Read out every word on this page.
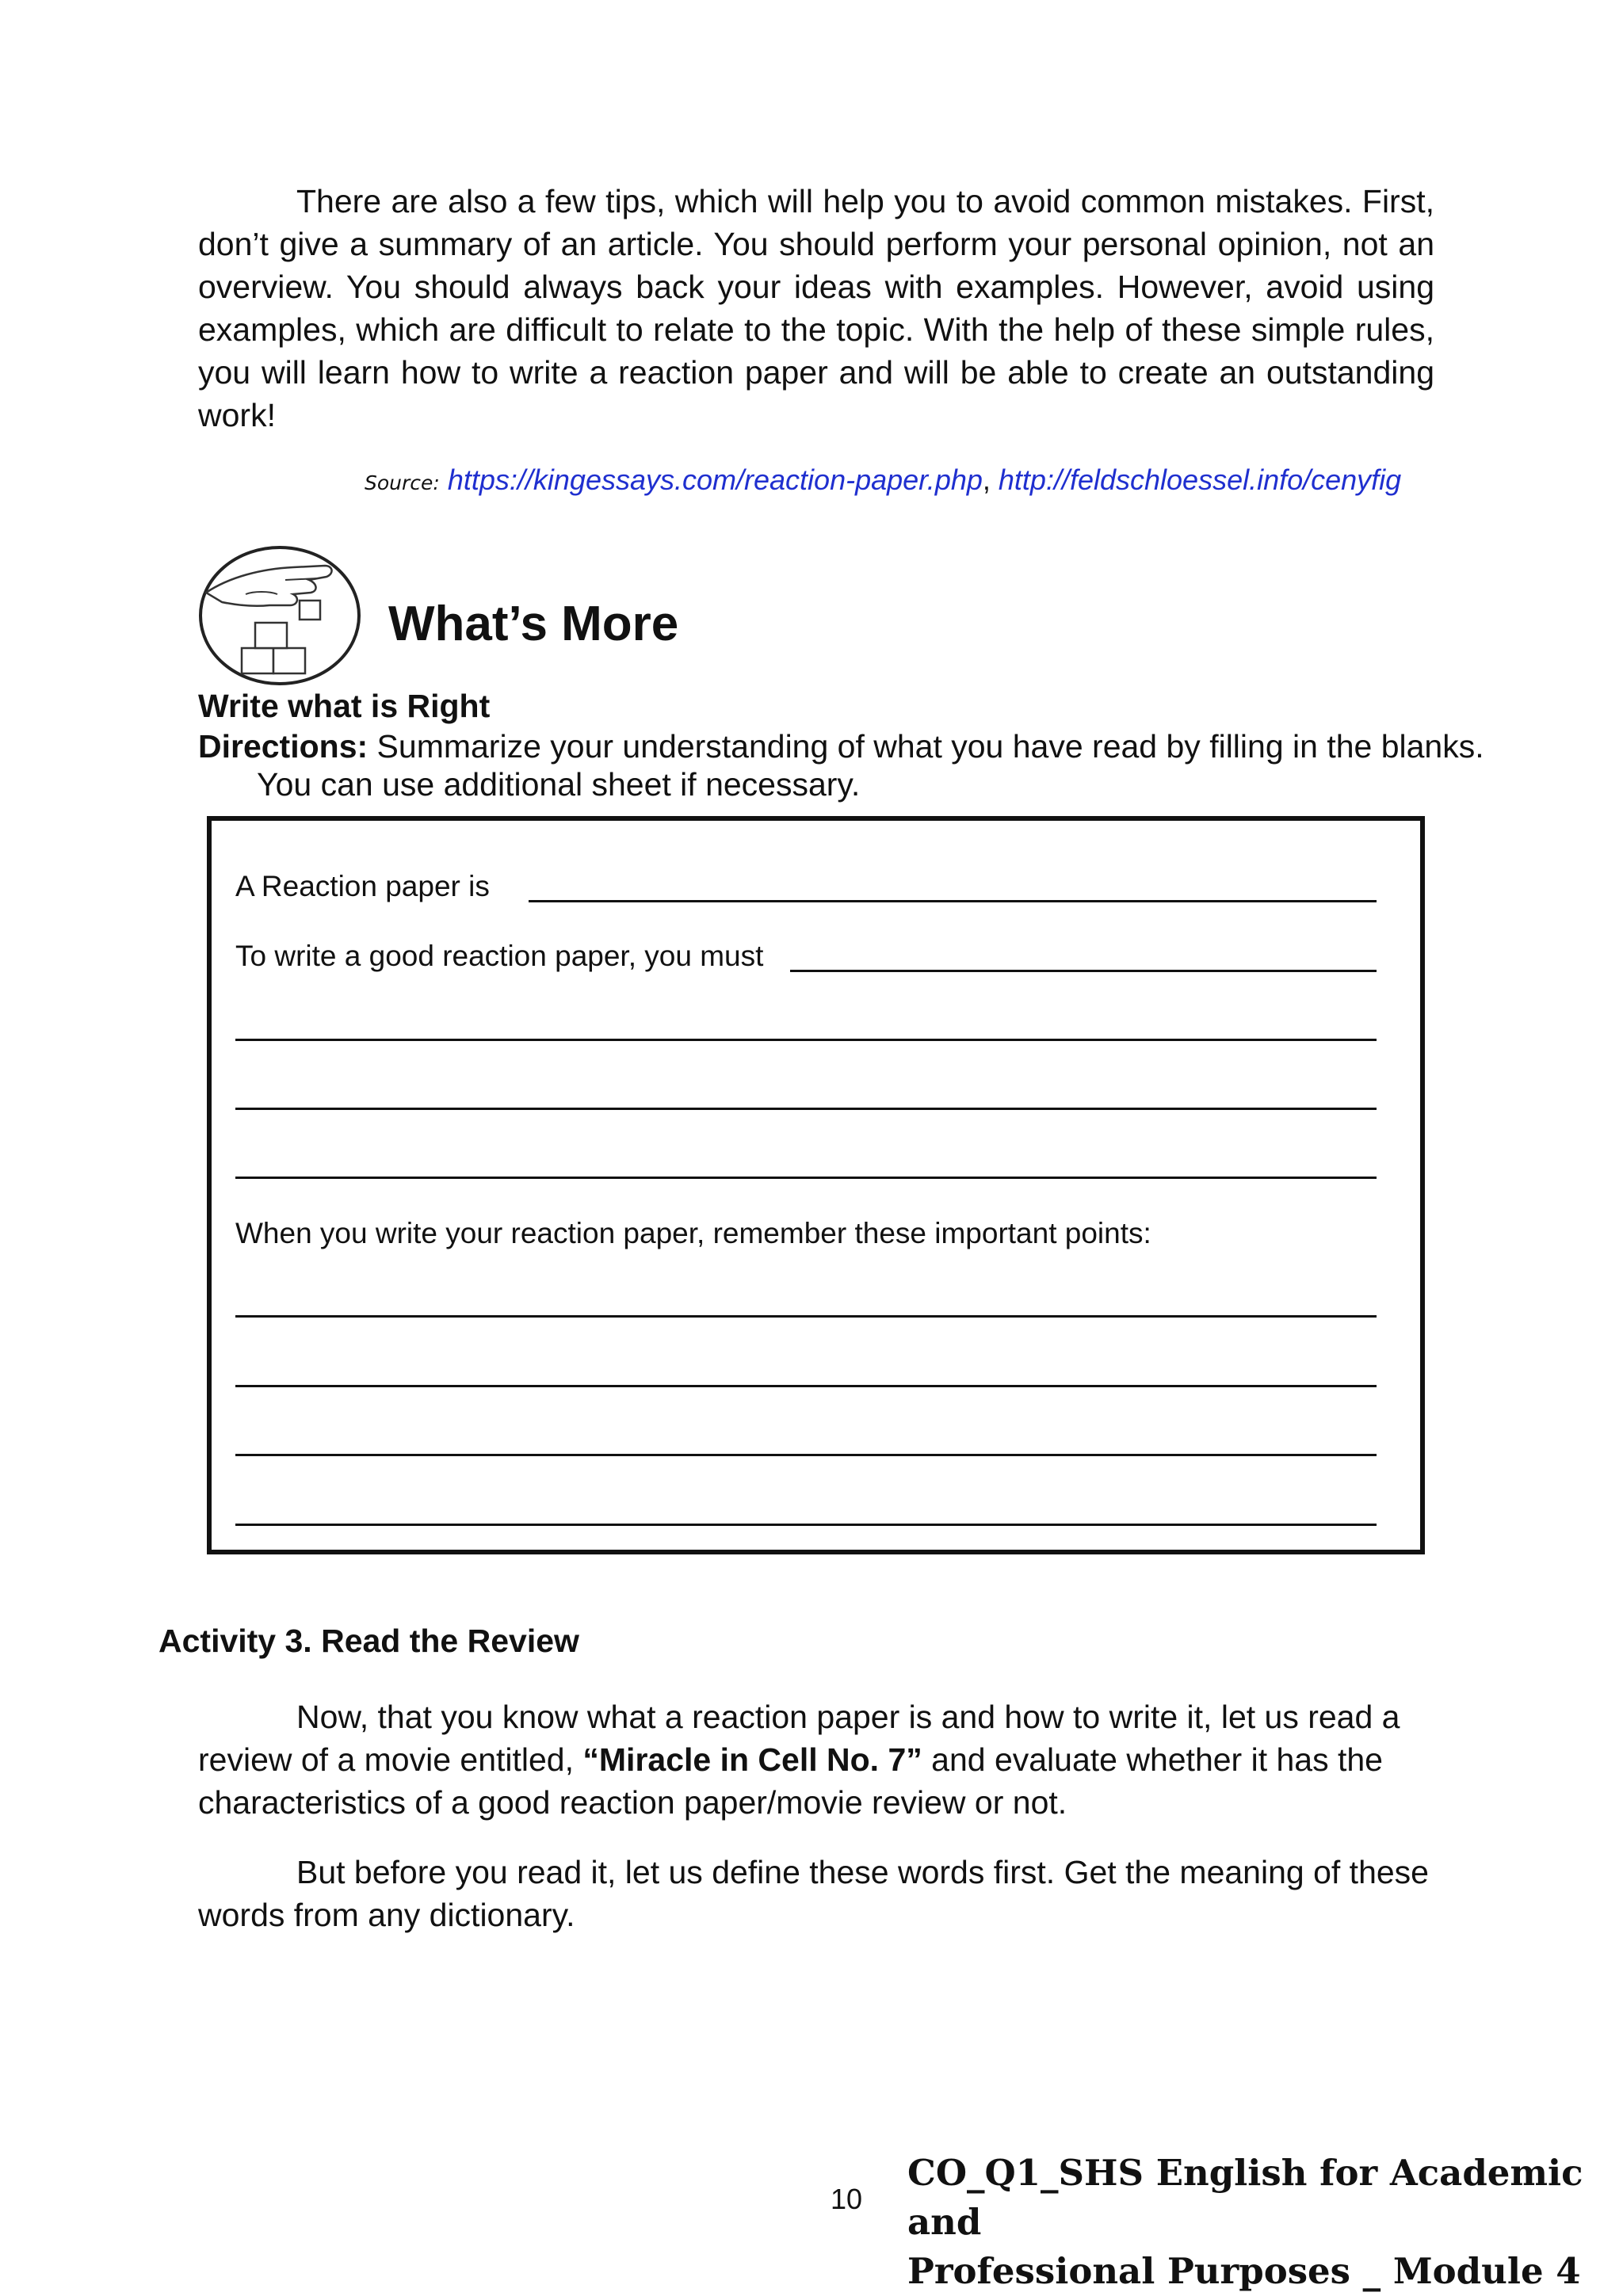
There are also a few tips, which will help you to avoid common mistakes. First, don’t give a summary of an article. You should perform your personal opinion, not an overview. You should always back your ideas with examples. However, avoid using examples, which are difficult to relate to the topic. With the help of these simple rules, you will learn how to write a reaction paper and will be able to create an outstanding work!
Source: https://kingessays.com/reaction-paper.php, http://feldschloessel.info/cenyfig
What’s More
Write what is Right
Directions: Summarize your understanding of what you have read by filling in the blanks.
You can use additional sheet if necessary.
A Reaction paper is
To write a good reaction paper, you must
When you write your reaction paper, remember these important points:
Activity 3. Read the Review
Now, that you know what a reaction paper is and how to write it, let us read a review of a movie entitled, “Miracle in Cell No. 7” and evaluate whether it has the characteristics of a good reaction paper/movie review or not.
But before you read it, let us define these words first. Get the meaning of these words from any dictionary.
10
CO_Q1_SHS English for Academic and
Professional Purposes _ Module 4
